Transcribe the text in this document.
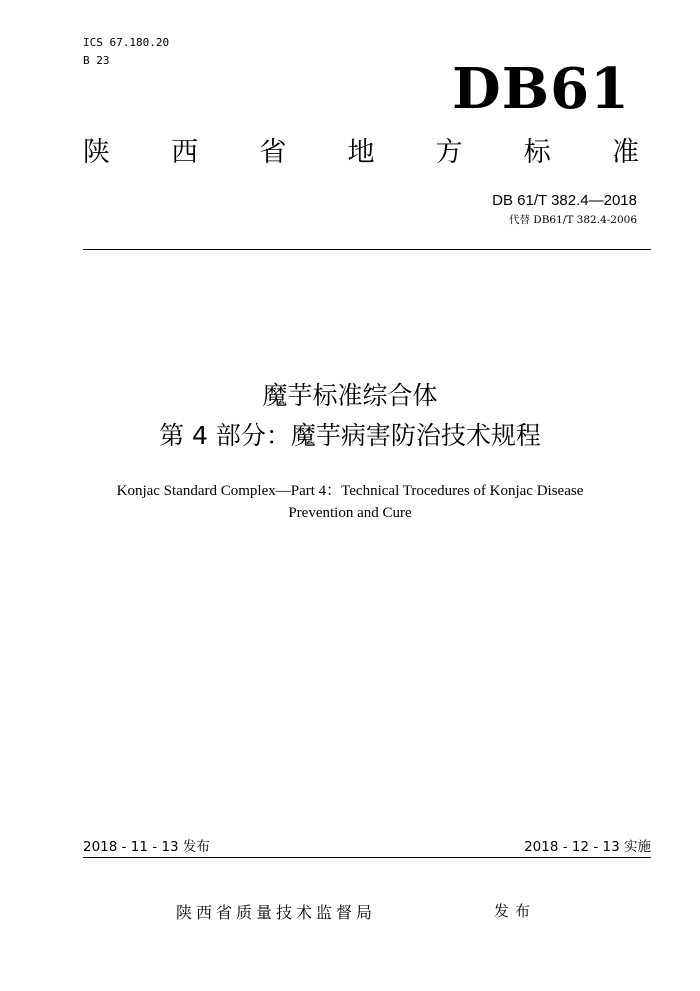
ICS 67.180.20
B 23	DB61
陕 西 省 地 方 标 准
DB 61/T 382.4—2018
代替 DB61/T 382.4-2006
魔芋标准综合体
第 4 部分：魔芋病害防治技术规程
Konjac Standard Complex—Part 4：Technical Trocedures of Konjac Disease
Prevention and Cure
2018 - 11 - 13 发布	2018 - 12 - 13 实施
陕西省质量技术监督局	发布
